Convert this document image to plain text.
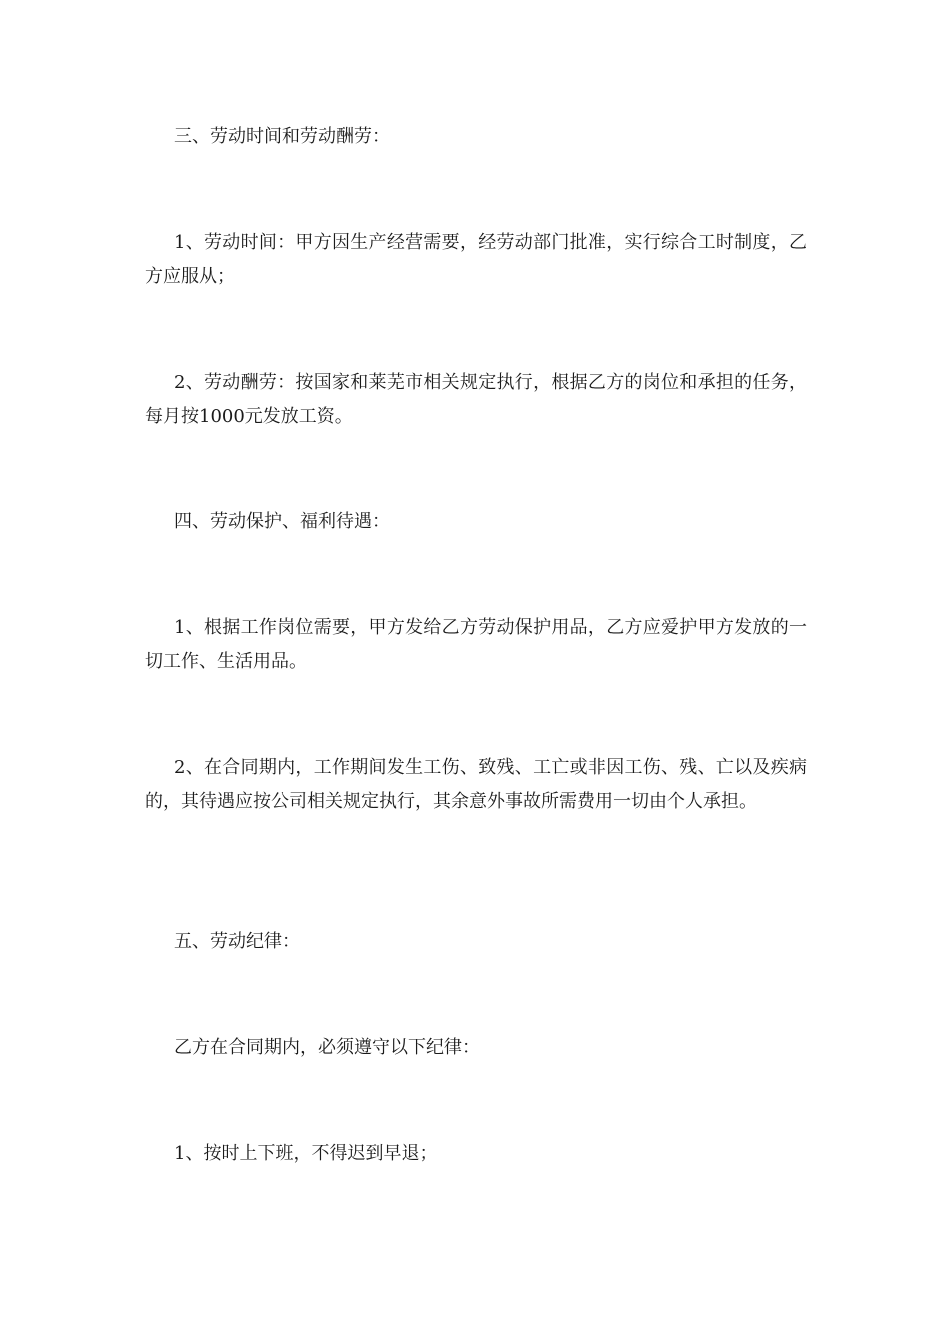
三、劳动时间和劳动酬劳：

1、劳动时间：甲方因生产经营需要，经劳动部门批准，实行综合工时制度，乙方应服从；

2、劳动酬劳：按国家和莱芜市相关规定执行，根据乙方的岗位和承担的任务，每月按1000元发放工资。

四、劳动保护、福利待遇：

1、根据工作岗位需要，甲方发给乙方劳动保护用品，乙方应爱护甲方发放的一切工作、生活用品。

2、在合同期内，工作期间发生工伤、致残、工亡或非因工伤、残、亡以及疾病的，其待遇应按公司相关规定执行，其余意外事故所需费用一切由个人承担。

五、劳动纪律：

乙方在合同期内，必须遵守以下纪律：

1、按时上下班，不得迟到早退；
